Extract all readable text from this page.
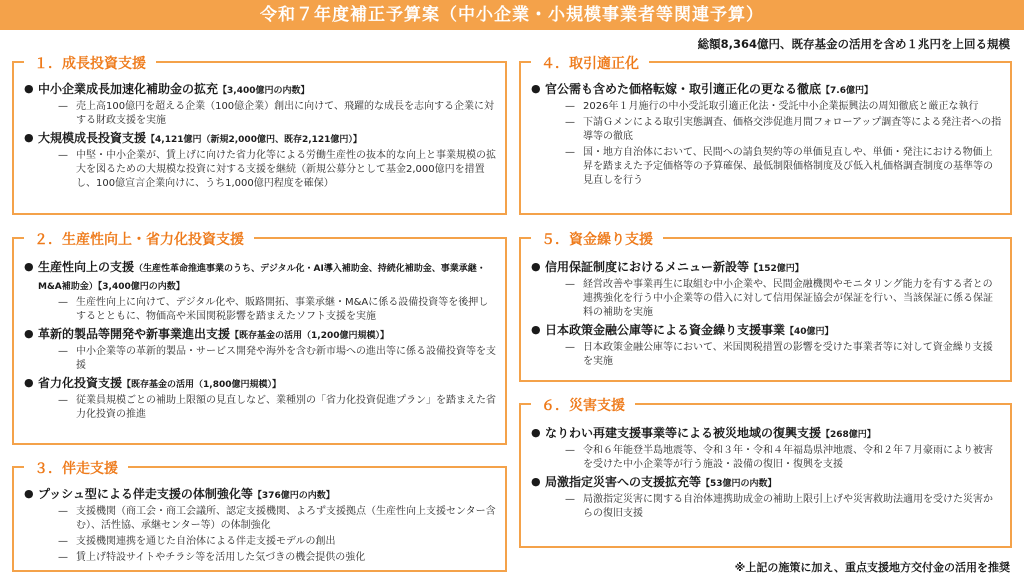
令和７年度補正予算案（中小企業・小規模事業者等関連予算）
総額8,364億円、既存基金の活用を含め１兆円を上回る規模
１．成長投資支援
● 中小企業成長加速化補助金の拡充【3,400億円の内数】
— 売上高100億円を超える企業（100億企業）創出に向けて、飛躍的な成長を志向する企業に対する財政支援を実施
● 大規模成長投資支援【4,121億円（新規2,000億円、既存2,121億円）】
— 中堅・中小企業が、賃上げに向けた省力化等による労働生産性の抜本的な向上と事業規模の拡大を図るための大規模な投資に対する支援を継続（新規公募分として基金2,000億円を措置し、100億宣言企業向けに、うち1,000億円程度を確保）
２．生産性向上・省力化投資支援
● 生産性向上の支援（生産性革命推進事業のうち、デジタル化・AI導入補助金、持続化補助金、事業承継・M&A補助金）【3,400億円の内数】
— 生産性向上に向けて、デジタル化や、販路開拓、事業承継・M&Aに係る設備投資等を後押しするとともに、物価高や米国関税影響を踏まえたソフト支援を実施
● 革新的製品等開発や新事業進出支援【既存基金の活用（1,200億円規模）】
— 中小企業等の革新的製品・サービス開発や海外を含む新市場への進出等に係る設備投資等を支援
● 省力化投資支援【既存基金の活用（1,800億円規模）】
— 従業員規模ごとの補助上限額の見直しなど、業種別の「省力化投資促進プラン」を踏まえた省力化投資の推進
３．伴走支援
● プッシュ型による伴走支援の体制強化等【376億円の内数】
— 支援機関（商工会・商工会議所、認定支援機関、よろず支援拠点（生産性向上支援センター含む）、活性協、承継センター等）の体制強化
— 支援機関連携を通じた自治体による伴走支援モデルの創出
— 賃上げ特設サイトやチラシ等を活用した気づきの機会提供の強化
４．取引適正化
● 官公需も含めた価格転嫁・取引適正化の更なる徹底【7.6億円】
— 2026年１月施行の中小受託取引適正化法・受託中小企業振興法の周知徹底と厳正な執行
— 下請Ｇメンによる取引実態調査、価格交渉促進月間フォローアップ調査等による発注者への指導等の徹底
— 国・地方自治体において、民間への請負契約等の単価見直しや、単価・発注における物価上昇を踏まえた予定価格等の予算確保、最低制限価格制度及び低入札価格調査制度の基準等の見直しを行う
５．資金繰り支援
● 信用保証制度におけるメニュー新設等【152億円】
— 経営改善や事業再生に取組む中小企業や、民間金融機関やモニタリング能力を有する者との連携強化を行う中小企業等の借入に対して信用保証協会が保証を行い、当該保証に係る保証料の補助を実施
● 日本政策金融公庫等による資金繰り支援事業【40億円】
— 日本政策金融公庫等において、米国関税措置の影響を受けた事業者等に対して資金繰り支援を実施
６．災害支援
● なりわい再建支援事業等による被災地域の復興支援【268億円】
— 令和６年能登半島地震等、令和３年・令和４年福島県沖地震、令和２年７月豪雨により被害を受けた中小企業等が行う施設・設備の復旧・復興を支援
● 局激指定災害への支援拡充等【53億円の内数】
— 局激指定災害に関する自治体連携助成金の補助上限引上げや災害救助法適用を受けた災害からの復旧支援
※上記の施策に加え、重点支援地方交付金の活用を推奨
